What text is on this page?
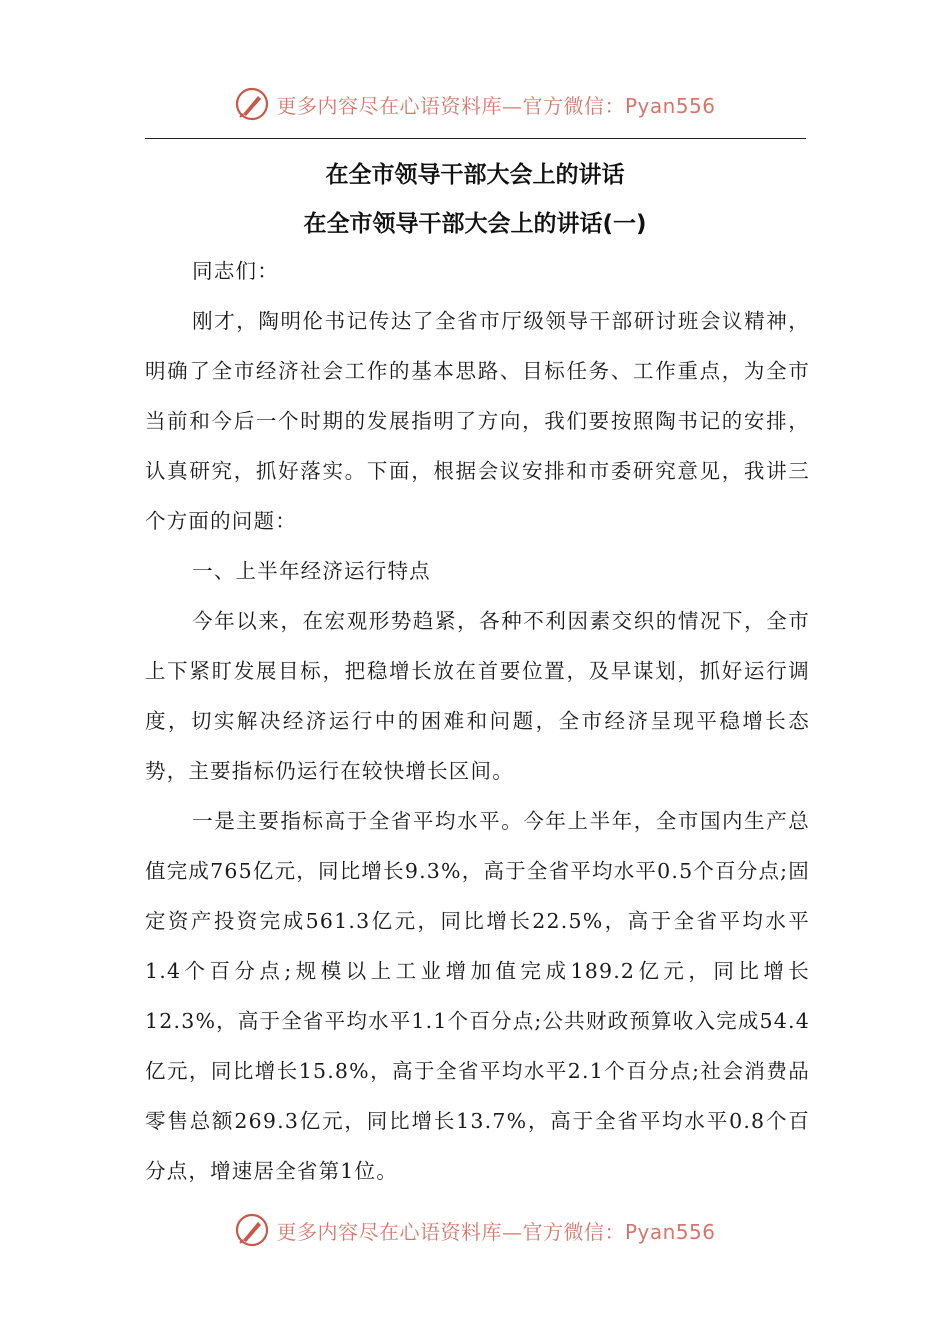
更多内容尽在心语资料库—官方微信：Pyan556
在全市领导干部大会上的讲话
在全市领导干部大会上的讲话(一)

同志们：

刚才，陶明伦书记传达了全省市厅级领导干部研讨班会议精神，明确了全市经济社会工作的基本思路、目标任务、工作重点，为全市当前和今后一个时期的发展指明了方向，我们要按照陶书记的安排，认真研究，抓好落实。下面，根据会议安排和市委研究意见，我讲三个方面的问题：

一、上半年经济运行特点

今年以来，在宏观形势趋紧，各种不利因素交织的情况下，全市上下紧盯发展目标，把稳增长放在首要位置，及早谋划，抓好运行调度，切实解决经济运行中的困难和问题，全市经济呈现平稳增长态势，主要指标仍运行在较快增长区间。

一是主要指标高于全省平均水平。今年上半年，全市国内生产总值完成765亿元，同比增长9.3%，高于全省平均水平0.5个百分点;固定资产投资完成561.3亿元，同比增长22.5%，高于全省平均水平1.4个百分点;规模以上工业增加值完成189.2亿元，同比增长12.3%，高于全省平均水平1.1个百分点;公共财政预算收入完成54.4亿元，同比增长15.8%，高于全省平均水平2.1个百分点;社会消费品零售总额269.3亿元，同比增长13.7%，高于全省平均水平0.8个百分点，增速居全省第1位。

更多内容尽在心语资料库—官方微信：Pyan556
